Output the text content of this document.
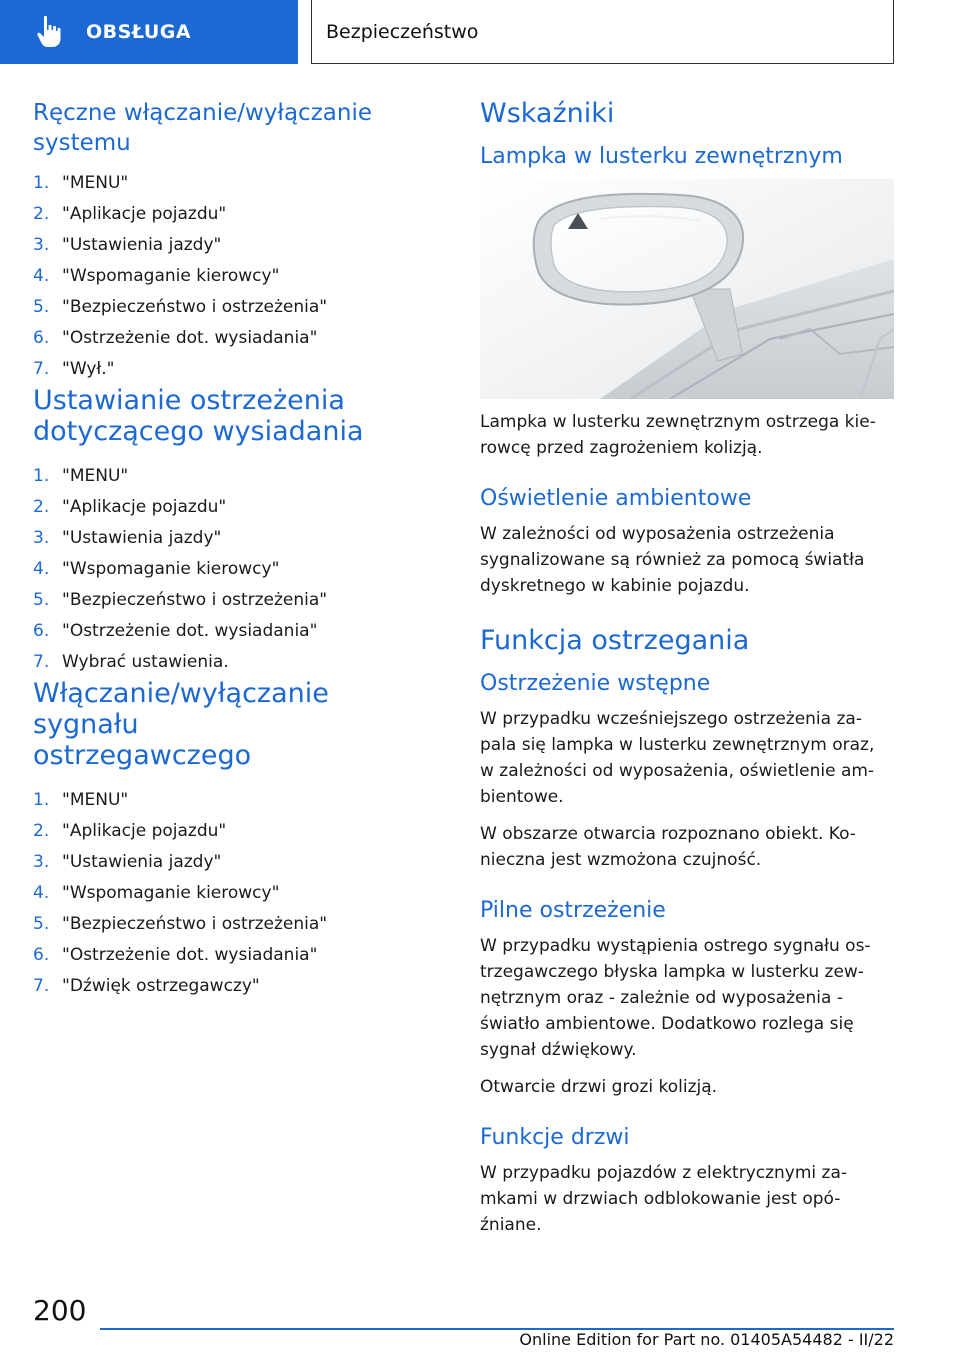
OBSŁUGA	Bezpieczeństwo
Ręczne włączanie/wyłączanie systemu
1. "MENU"
2. "Aplikacje pojazdu"
3. "Ustawienia jazdy"
4. "Wspomaganie kierowcy"
5. "Bezpieczeństwo i ostrzeżenia"
6. "Ostrzeżenie dot. wysiadania"
7. "Wył."
Ustawianie ostrzeżenia
dotyczącego wysiadania
1. "MENU"
2. "Aplikacje pojazdu"
3. "Ustawienia jazdy"
4. "Wspomaganie kierowcy"
5. "Bezpieczeństwo i ostrzeżenia"
6. "Ostrzeżenie dot. wysiadania"
7. Wybrać ustawienia.
Włączanie/wyłączanie sygnału
ostrzegawczego
1. "MENU"
2. "Aplikacje pojazdu"
3. "Ustawienia jazdy"
4. "Wspomaganie kierowcy"
5. "Bezpieczeństwo i ostrzeżenia"
6. "Ostrzeżenie dot. wysiadania"
7. "Dźwięk ostrzegawczy"
Wskaźniki
Lampka w lusterku zewnętrznym

Lampka w lusterku zewnętrznym ostrzega kie-
rowcę przed zagrożeniem kolizją.

Oświetlenie ambientowe

W zależności od wyposażenia ostrzeżenia
sygnalizowane są również za pomocą światła
dyskretnego w kabinie pojazdu.

Funkcja ostrzegania
Ostrzeżenie wstępne

W przypadku wcześniejszego ostrzeżenia za-
pala się lampka w lusterku zewnętrznym oraz,
w zależności od wyposażenia, oświetlenie am-
bientowe.

W obszarze otwarcia rozpoznano obiekt. Ko-
nieczna jest wzmożona czujność.

Pilne ostrzeżenie

W przypadku wystąpienia ostrego sygnału os-
trzegawczego błyska lampka w lusterku zew-
nętrznym oraz - zależnie od wyposażenia -
światło ambientowe. Dodatkowo rozlega się
sygnał dźwiękowy.

Otwarcie drzwi grozi kolizją.

Funkcje drzwi

W przypadku pojazdów z elektrycznymi za-
mkami w drzwiach odblokowanie jest opó-
źniane.

200
Online Edition for Part no. 01405A54482 - II/22
